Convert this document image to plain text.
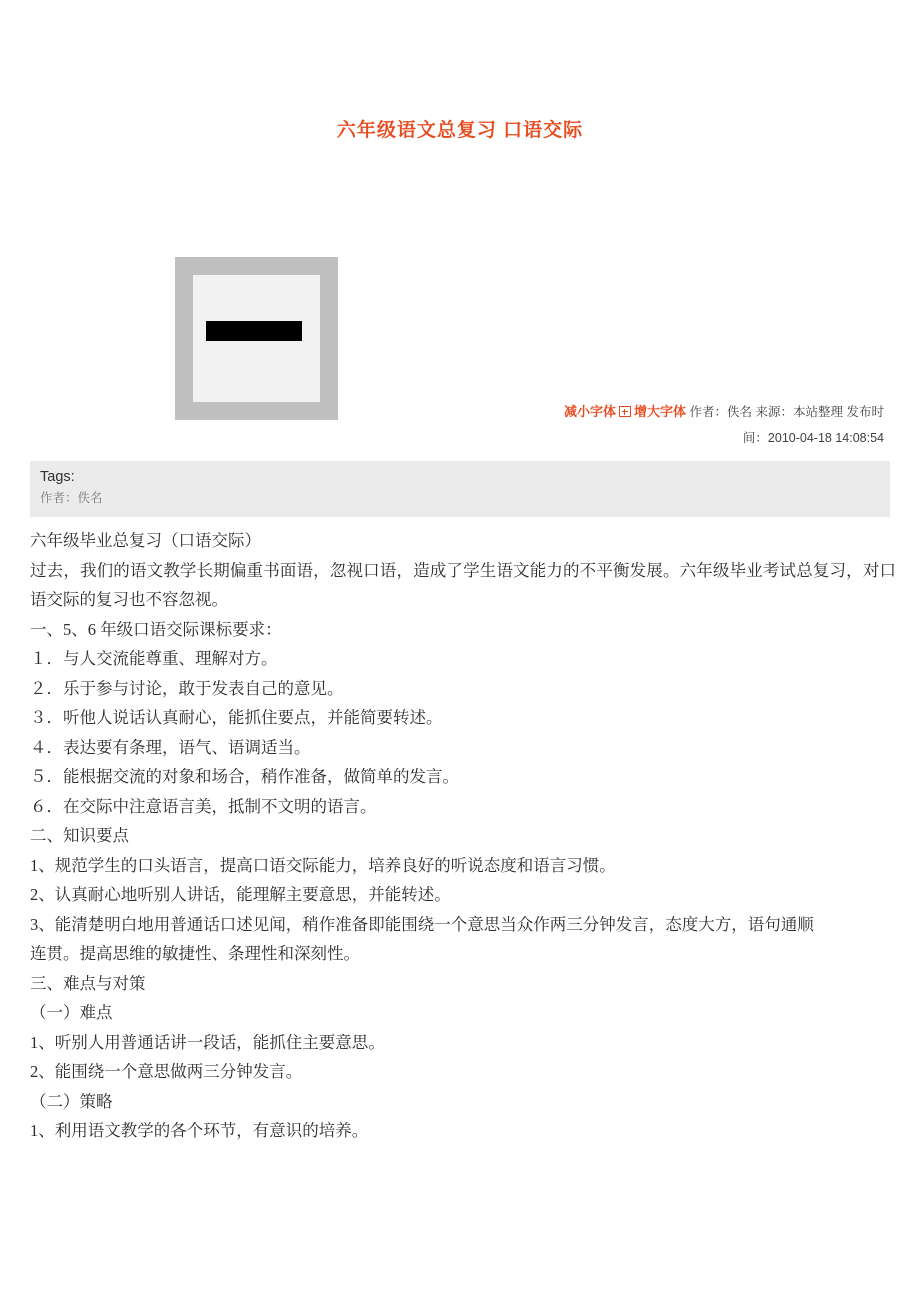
六年级语文总复习 口语交际
减小字体 增大字体 作者：佚名 来源：本站整理 发布时
间：2010-04-18 14:08:54
Tags:
作者：佚名

六年级毕业总复习（口语交际）

过去，我们的语文教学长期偏重书面语，忽视口语，造成了学生语文能力的不平衡发展。六年级毕业考试总复习，对口语交际的复习也不容忽视。

一、5、6 年级口语交际课标要求：

１．与人交流能尊重、理解对方。

２．乐于参与讨论，敢于发表自己的意见。

３．听他人说话认真耐心，能抓住要点，并能简要转述。

４．表达要有条理，语气、语调适当。

５．能根据交流的对象和场合，稍作准备，做简单的发言。

６．在交际中注意语言美，抵制不文明的语言。

二、知识要点

1、规范学生的口头语言，提高口语交际能力，培养良好的听说态度和语言习惯。

2、认真耐心地听别人讲话，能理解主要意思，并能转述。

3、能清楚明白地用普通话口述见闻，稍作准备即能围绕一个意思当众作两三分钟发言，态度大方，语句通顺

连贯。提高思维的敏捷性、条理性和深刻性。

三、难点与对策

（一）难点

1、听别人用普通话讲一段话，能抓住主要意思。

2、能围绕一个意思做两三分钟发言。

（二）策略

1、利用语文教学的各个环节，有意识的培养。
